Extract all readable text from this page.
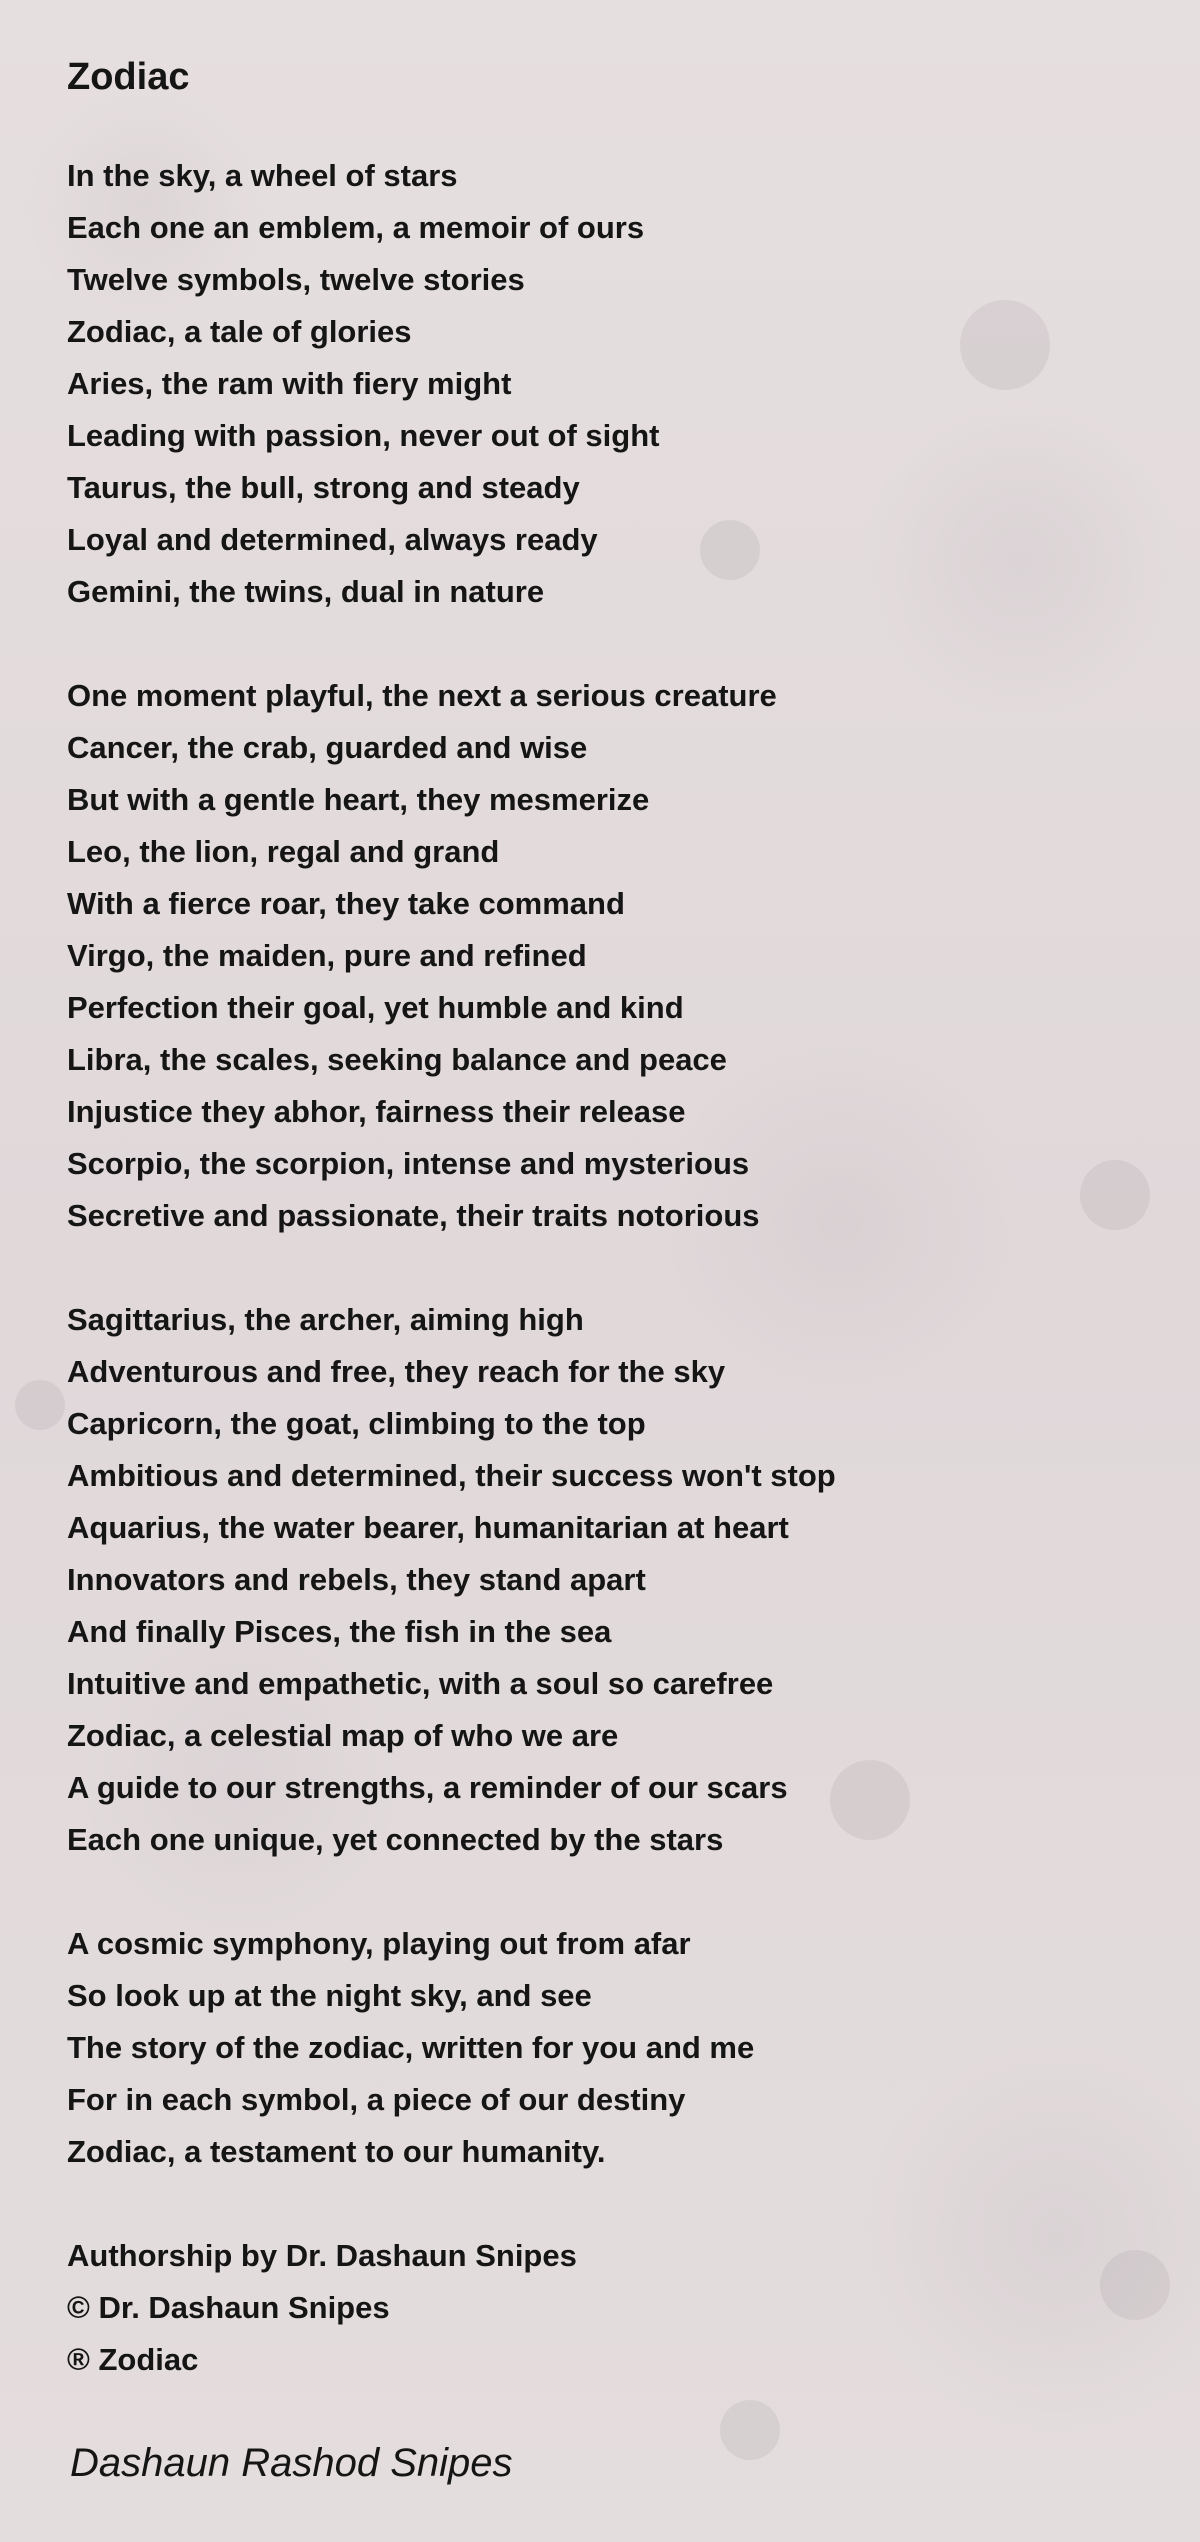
Zodiac
In the sky, a wheel of stars
Each one an emblem, a memoir of ours
Twelve symbols, twelve stories
Zodiac, a tale of glories
Aries, the ram with fiery might
Leading with passion, never out of sight
Taurus, the bull, strong and steady
Loyal and determined, always ready
Gemini, the twins, dual in nature
One moment playful, the next a serious creature
Cancer, the crab, guarded and wise
But with a gentle heart, they mesmerize
Leo, the lion, regal and grand
With a fierce roar, they take command
Virgo, the maiden, pure and refined
Perfection their goal, yet humble and kind
Libra, the scales, seeking balance and peace
Injustice they abhor, fairness their release
Scorpio, the scorpion, intense and mysterious
Secretive and passionate, their traits notorious
Sagittarius, the archer, aiming high
Adventurous and free, they reach for the sky
Capricorn, the goat, climbing to the top
Ambitious and determined, their success won't stop
Aquarius, the water bearer, humanitarian at heart
Innovators and rebels, they stand apart
And finally Pisces, the fish in the sea
Intuitive and empathetic, with a soul so carefree
Zodiac, a celestial map of who we are
A guide to our strengths, a reminder of our scars
Each one unique, yet connected by the stars
A cosmic symphony, playing out from afar
So look up at the night sky, and see
The story of the zodiac, written for you and me
For in each symbol, a piece of our destiny
Zodiac, a testament to our humanity.
Authorship by Dr. Dashaun Snipes
© Dr. Dashaun Snipes
® Zodiac
Dashaun Rashod Snipes
